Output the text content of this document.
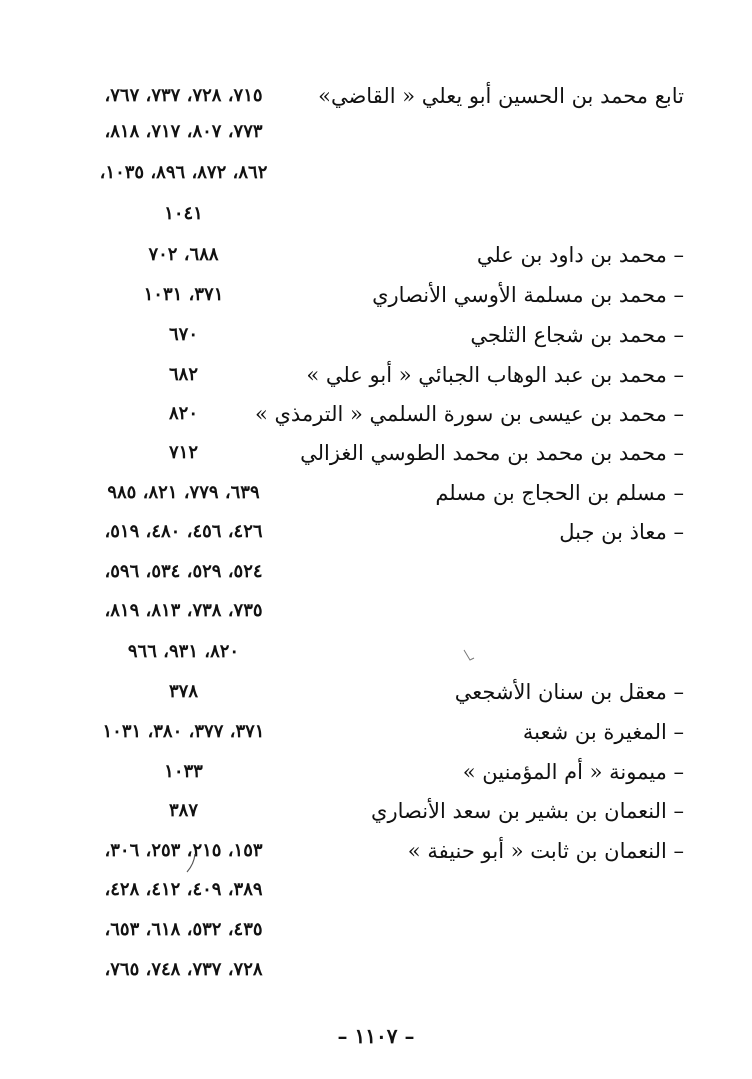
تابع محمد بن الحسين أبو يعلي « القاضي»
٧١٥، ٧٢٨، ٧٣٧، ٧٦٧،
٧٧٣، ٨٠٧، ٧١٧، ٨١٨،
٨٦٢، ٨٧٢، ٨٩٦، ١٠٣٥،
١٠٤١
– محمد بن داود بن علي
٦٨٨، ٧٠٢
– محمد بن مسلمة الأوسي الأنصاري
٣٧١، ١٠٣١
– محمد بن شجاع الثلجي
٦٧٠
– محمد بن عبد الوهاب الجبائي « أبو علي »
٦٨٢
– محمد بن عيسى بن سورة السلمي « الترمذي »
٨٢٠
– محمد بن محمد بن محمد الطوسي الغزالي
٧١٢
– مسلم بن الحجاج بن مسلم
٦٣٩، ٧٧٩، ٨٢١، ٩٨٥
– معاذ بن جبل
٤٢٦، ٤٥٦، ٤٨٠، ٥١٩،
٥٢٤، ٥٢٩، ٥٣٤، ٥٩٦،
٧٣٥، ٧٣٨، ٨١٣، ٨١٩،
٨٢٠، ٩٣١، ٩٦٦
– معقل بن سنان الأشجعي
٣٧٨
– المغيرة بن شعبة
٣٧١، ٣٧٧، ٣٨٠، ١٠٣١
– ميمونة « أم المؤمنين »
١٠٣٣
– النعمان بن بشير بن سعد الأنصاري
٣٨٧
– النعمان بن ثابت « أبو حنيفة »
١٥٣، ٢١٥، ٢٥٣، ٣٠٦،
٣٨٩، ٤٠٩، ٤١٢، ٤٢٨،
٤٣٥، ٥٣٢، ٦١٨، ٦٥٣،
٧٢٨، ٧٣٧، ٧٤٨، ٧٦٥،
– ١١٠٧ –
